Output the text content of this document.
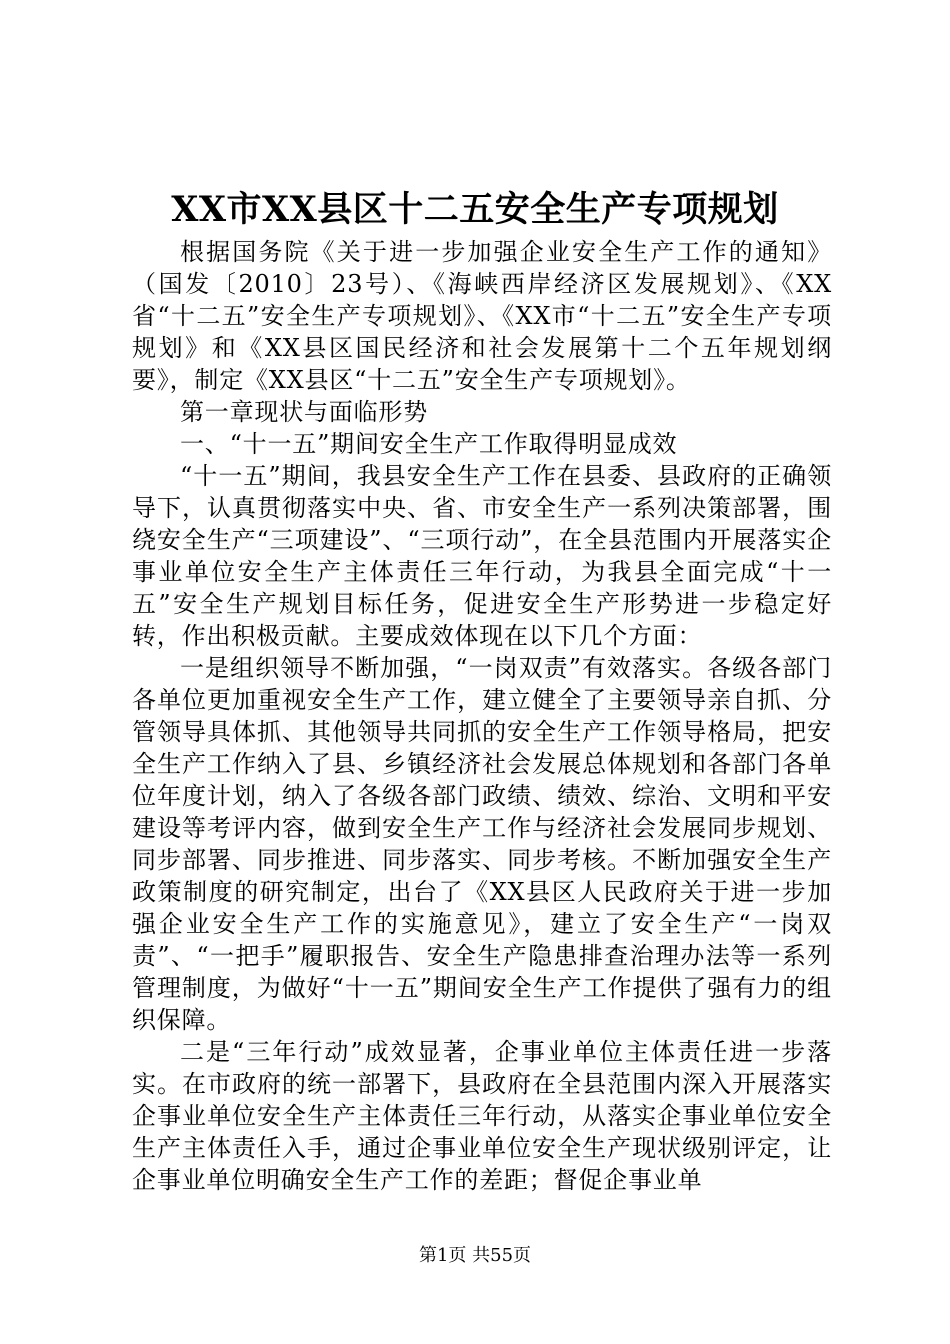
XX市XX县区十二五安全生产专项规划

根据国务院《关于进一步加强企业安全生产工作的通知》（国发〔2010〕23号）、《海峡西岸经济区发展规划》、《XX省“十二五”安全生产专项规划》、《XX市“十二五”安全生产专项规划》和《XX县区国民经济和社会发展第十二个五年规划纲要》，制定《XX县区“十二五”安全生产专项规划》。

第一章现状与面临形势

一、“十一五”期间安全生产工作取得明显成效

“十一五”期间，我县安全生产工作在县委、县政府的正确领导下，认真贯彻落实中央、省、市安全生产一系列决策部署，围绕安全生产“三项建设”、“三项行动”，在全县范围内开展落实企事业单位安全生产主体责任三年行动，为我县全面完成“十一五”安全生产规划目标任务，促进安全生产形势进一步稳定好转，作出积极贡献。主要成效体现在以下几个方面：

一是组织领导不断加强，“一岗双责”有效落实。各级各部门各单位更加重视安全生产工作，建立健全了主要领导亲自抓、分管领导具体抓、其他领导共同抓的安全生产工作领导格局，把安全生产工作纳入了县、乡镇经济社会发展总体规划和各部门各单位年度计划，纳入了各级各部门政绩、绩效、综治、文明和平安建设等考评内容，做到安全生产工作与经济社会发展同步规划、同步部署、同步推进、同步落实、同步考核。不断加强安全生产政策制度的研究制定，出台了《XX县区人民政府关于进一步加强企业安全生产工作的实施意见》，建立了安全生产“一岗双责”、“一把手”履职报告、安全生产隐患排查治理办法等一系列管理制度，为做好“十一五”期间安全生产工作提供了强有力的组织保障。

二是“三年行动”成效显著，企事业单位主体责任进一步落实。在市政府的统一部署下，县政府在全县范围内深入开展落实企事业单位安全生产主体责任三年行动，从落实企事业单位安全生产主体责任入手，通过企事业单位安全生产现状级别评定，让企事业单位明确安全生产工作的差距；督促企事业单

第1页 共55页
